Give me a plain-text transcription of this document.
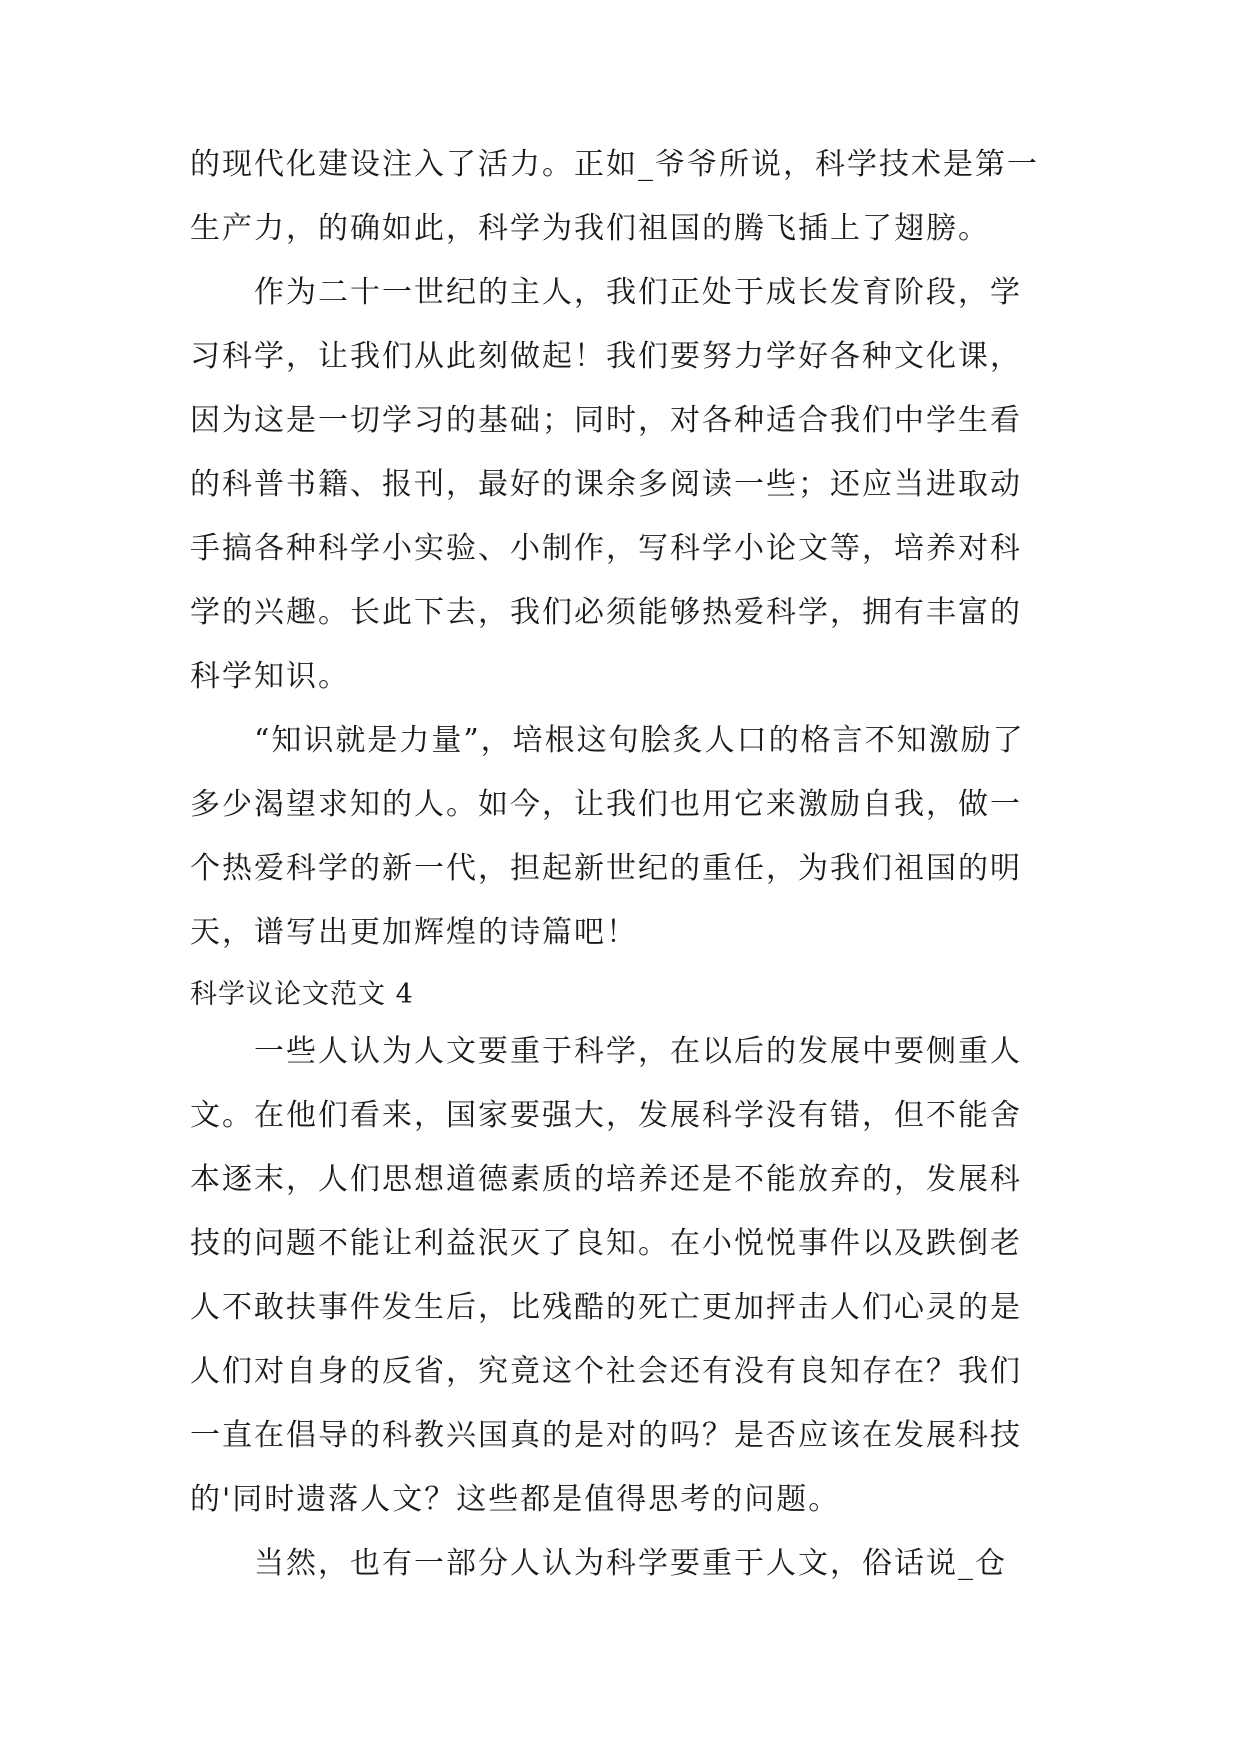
的现代化建设注入了活力。正如_爷爷所说，科学技术是第一生产力，的确如此，科学为我们祖国的腾飞插上了翅膀。

作为二十一世纪的主人，我们正处于成长发育阶段，学习科学，让我们从此刻做起！我们要努力学好各种文化课，因为这是一切学习的基础；同时，对各种适合我们中学生看的科普书籍、报刊，最好的课余多阅读一些；还应当进取动手搞各种科学小实验、小制作，写科学小论文等，培养对科学的兴趣。长此下去，我们必须能够热爱科学，拥有丰富的科学知识。

“知识就是力量”，培根这句脍炙人口的格言不知激励了多少渴望求知的人。如今，让我们也用它来激励自我，做一个热爱科学的新一代，担起新世纪的重任，为我们祖国的明天，谱写出更加辉煌的诗篇吧！

科学议论文范文 4

一些人认为人文要重于科学，在以后的发展中要侧重人文。在他们看来，国家要强大，发展科学没有错，但不能舍本逐末，人们思想道德素质的培养还是不能放弃的，发展科技的问题不能让利益泯灭了良知。在小悦悦事件以及跌倒老人不敢扶事件发生后，比残酷的死亡更加抨击人们心灵的是人们对自身的反省，究竟这个社会还有没有良知存在？我们一直在倡导的科教兴国真的是对的吗？是否应该在发展科技的'同时遗落人文？这些都是值得思考的问题。

当然，也有一部分人认为科学要重于人文，俗话说_仓
